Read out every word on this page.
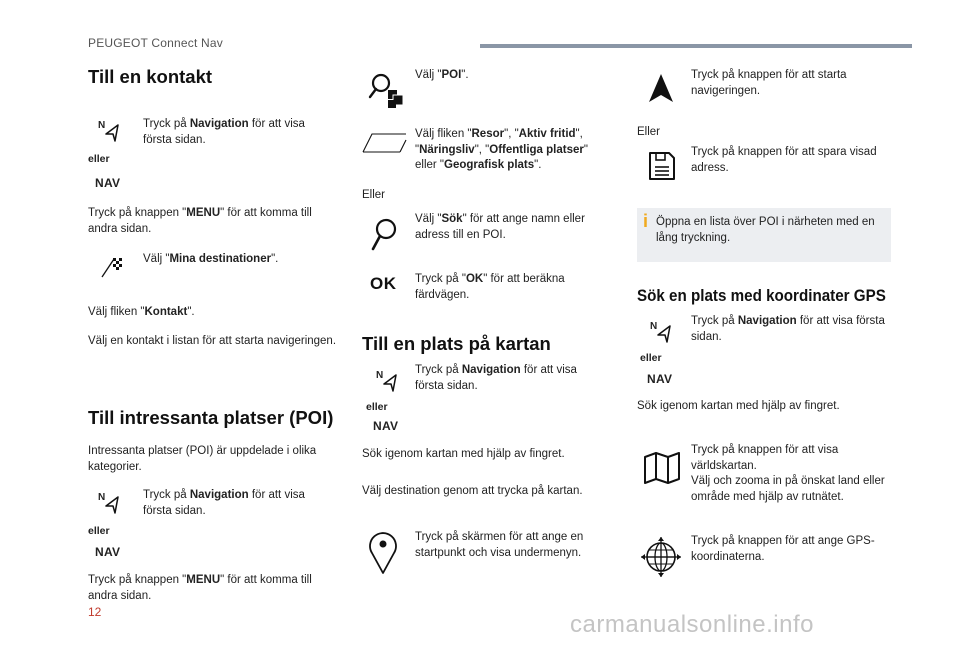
PEUGEOT Connect Nav
Till en kontakt
N
eller
NAV
Tryck på Navigation för att visa första sidan.
Tryck på knappen "MENU" för att komma till andra sidan.
Välj "Mina destinationer".
Välj fliken "Kontakt".
Välj en kontakt i listan för att starta navigeringen.
Till intressanta platser (POI)
Intressanta platser (POI) är uppdelade i olika kategorier.
N
eller
NAV
Tryck på Navigation för att visa första sidan.
Tryck på knappen "MENU" för att komma till andra sidan.
Välj "POI".
Välj fliken "Resor", "Aktiv fritid", "Näringsliv", "Offentliga platser" eller "Geografisk plats".
Eller
Välj "Sök" för att ange namn eller adress till en POI.
OK Tryck på "OK" för att beräkna färdvägen.
Till en plats på kartan
N
eller
NAV
Tryck på Navigation för att visa första sidan.
Sök igenom kartan med hjälp av fingret.
Välj destination genom att trycka på kartan.
Tryck på skärmen för att ange en startpunkt och visa undermenyn.
Tryck på knappen för att starta navigeringen.
Eller
Tryck på knappen för att spara visad adress.
i Öppna en lista över POI i närheten med en lång tryckning.
Sök en plats med koordinater GPS
N
eller
NAV
Tryck på Navigation för att visa första sidan.
Sök igenom kartan med hjälp av fingret.
Tryck på knappen för att visa världskartan.
Välj och zooma in på önskat land eller område med hjälp av rutnätet.
Tryck på knappen för att ange GPS-koordinaterna.
12	carmanualsonline.info
